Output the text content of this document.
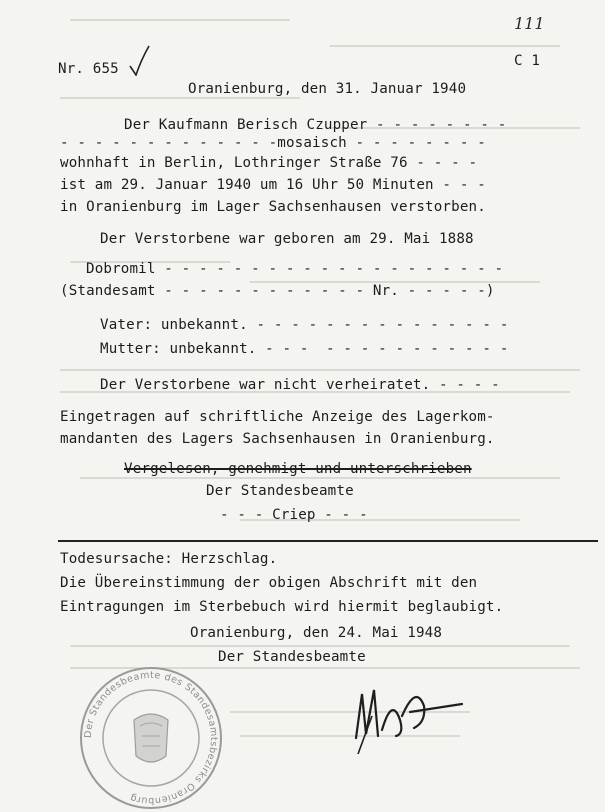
111
Nr. 655	C 1
Oranienburg, den 31. Januar 1940
Der Kaufmann Berisch Czupper - - - - - - - -
- - - - - - - - - - - - -mosaisch - - - - - - - -
wohnhaft in Berlin, Lothringer Straße 76 - - - -
ist am 29. Januar 1940 um 16 Uhr 50 Minuten - - -
in Oranienburg im Lager Sachsenhausen verstorben.
Der Verstorbene war geboren am 29. Mai 1888
Dobromil - - - - - - - - - - - - - - - - - - - -
(Standesamt - - - - - - - - - - - - Nr. - - - - -)
Vater: unbekannt. - - - - - - - - - - - - - - -
Mutter: unbekannt. - - -  - - - - - - - - - - -
Der Verstorbene war nicht verheiratet. - - - -
Eingetragen auf schriftliche Anzeige des Lagerkom-
mandanten des Lagers Sachsenhausen in Oranienburg.
Vergelesen, genehmigt und unterschrieben
Der Standesbeamte
- - - Criep - - -
Todesursache: Herzschlag.
Die Übereinstimmung der obigen Abschrift mit den
Eintragungen im Sterbebuch wird hiermit beglaubigt.
Oranienburg, den 24. Mai 1948
Der Standesbeamte
Der Standesbeamte des Standesamtsbezirks Oranienburg
